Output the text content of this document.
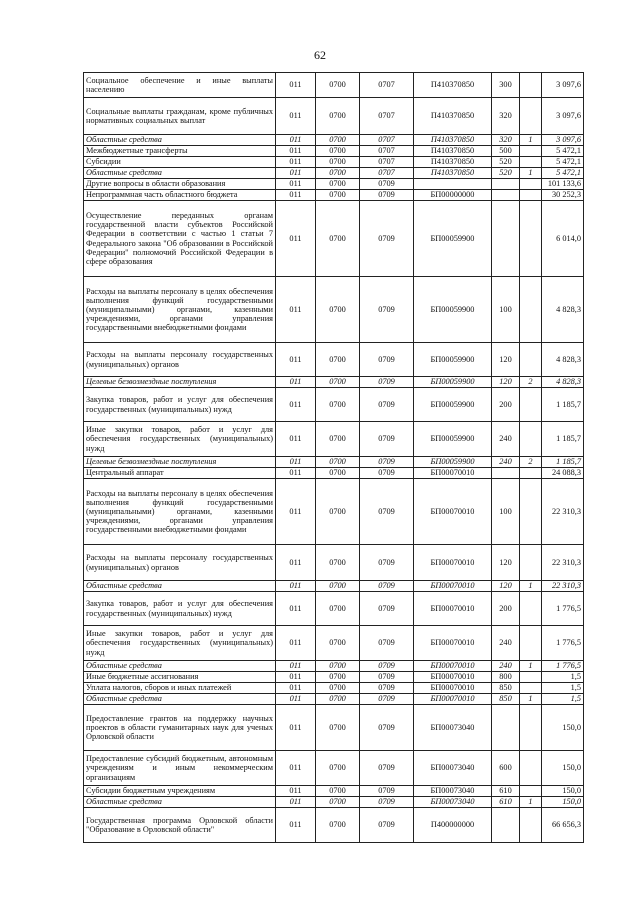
62
Социальное обеспечение и иные выплаты населению	011	0700	0707	П410370850	300		3 097,6
Социальные выплаты гражданам, кроме публичных нормативных социальных выплат	011	0700	0707	П410370850	320		3 097,6
Областные средства	011	0700	0707	П410370850	320	1	3 097,6
Межбюджетные трансферты	011	0700	0707	П410370850	500		5 472,1
Субсидии	011	0700	0707	П410370850	520		5 472,1
Областные средства	011	0700	0707	П410370850	520	1	5 472,1
Другие вопросы в области образования	011	0700	0709				101 133,6
Непрограммная часть областного бюджета	011	0700	0709	БП00000000			30 252,3
Осуществление переданных органам государственной власти субъектов Российской Федерации в соответствии с частью 1 статьи 7 Федерального закона "Об образовании в Российской Федерации" полномочий Российской Федерации в сфере образования	011	0700	0709	БП00059900			6 014,0
Расходы на выплаты персоналу в целях обеспечения выполнения функций государственными (муниципальными) органами, казенными учреждениями, органами управления государственными внебюджетными фондами	011	0700	0709	БП00059900	100		4 828,3
Расходы на выплаты персоналу государственных (муниципальных) органов	011	0700	0709	БП00059900	120		4 828,3
Целевые безвозмездные поступления	011	0700	0709	БП00059900	120	2	4 828,3
Закупка товаров, работ и услуг для обеспечения государственных (муниципальных) нужд	011	0700	0709	БП00059900	200		1 185,7
Иные закупки товаров, работ и услуг для обеспечения государственных (муниципальных) нужд	011	0700	0709	БП00059900	240		1 185,7
Целевые безвозмездные поступления	011	0700	0709	БП00059900	240	2	1 185,7
Центральный аппарат	011	0700	0709	БП00070010			24 088,3
Расходы на выплаты персоналу в целях обеспечения выполнения функций государственными (муниципальными) органами, казенными учреждениями, органами управления государственными внебюджетными фондами	011	0700	0709	БП00070010	100		22 310,3
Расходы на выплаты персоналу государственных (муниципальных) органов	011	0700	0709	БП00070010	120		22 310,3
Областные средства	011	0700	0709	БП00070010	120	1	22 310,3
Закупка товаров, работ и услуг для обеспечения государственных (муниципальных) нужд	011	0700	0709	БП00070010	200		1 776,5
Иные закупки товаров, работ и услуг для обеспечения государственных (муниципальных) нужд	011	0700	0709	БП00070010	240		1 776,5
Областные средства	011	0700	0709	БП00070010	240	1	1 776,5
Иные бюджетные ассигнования	011	0700	0709	БП00070010	800		1,5
Уплата налогов, сборов и иных платежей	011	0700	0709	БП00070010	850		1,5
Областные средства	011	0700	0709	БП00070010	850	1	1,5
Предоставление грантов на поддержку научных проектов в области гуманитарных наук для ученых Орловской области	011	0700	0709	БП00073040			150,0
Предоставление субсидий бюджетным, автономным учреждениям и иным некоммерческим организациям	011	0700	0709	БП00073040	600		150,0
Субсидии бюджетным учреждениям	011	0700	0709	БП00073040	610		150,0
Областные средства	011	0700	0709	БП00073040	610	1	150,0
Государственная программа Орловской области "Образование в Орловской области"	011	0700	0709	П400000000			66 656,3
